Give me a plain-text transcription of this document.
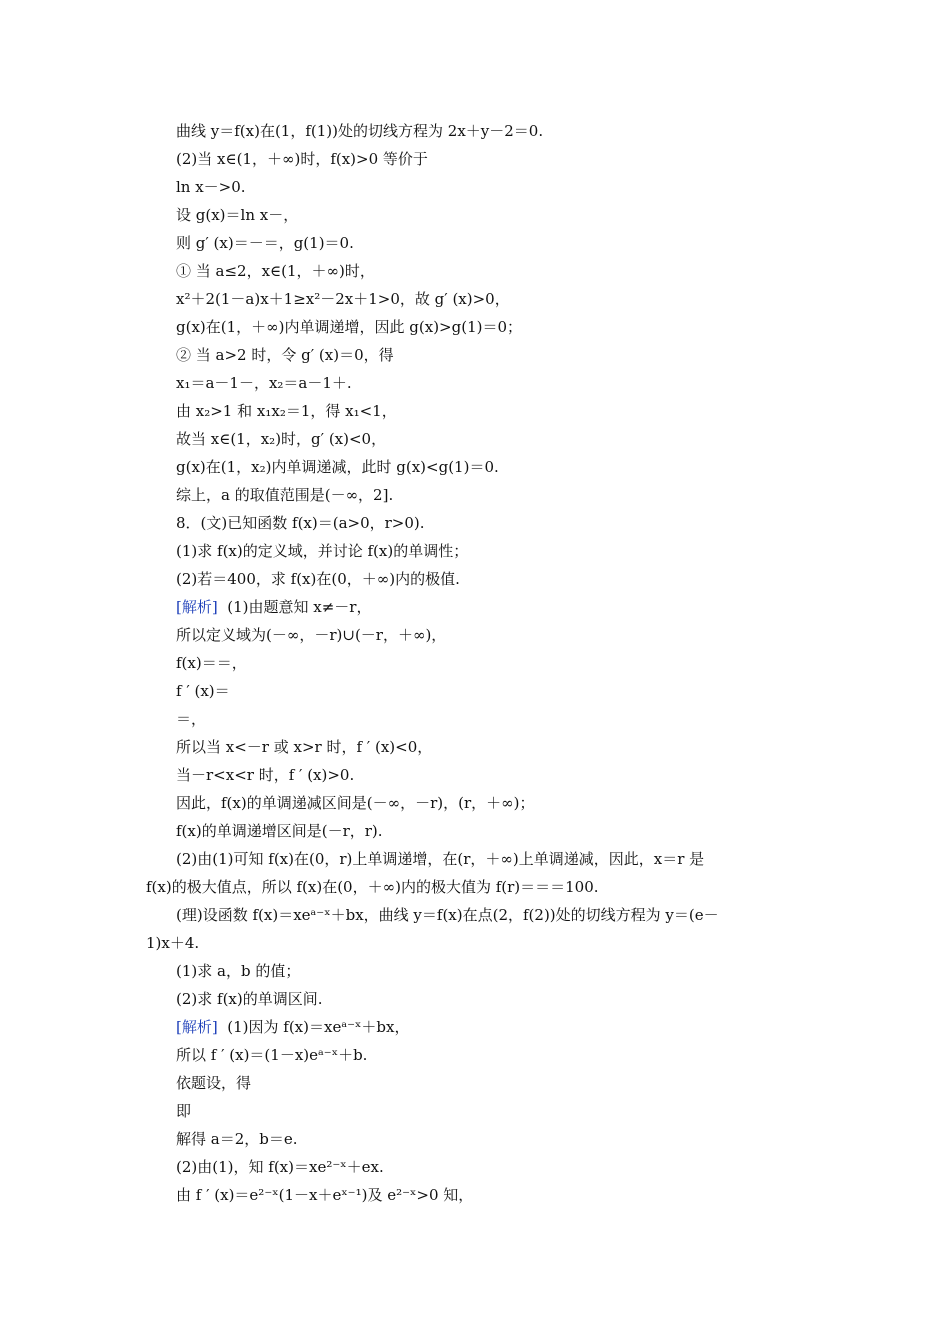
曲线 y＝f(x)在(1，f(1))处的切线方程为 2x＋y－2＝0.
(2)当 x∈(1，＋∞)时，f(x)>0 等价于
ln x－>0.
设 g(x)＝ln x－，
则 g′ (x)＝－＝，g(1)＝0.
① 当 a≤2，x∈(1，＋∞)时，
x²＋2(1－a)x＋1≥x²－2x＋1>0，故 g′ (x)>0，
g(x)在(1，＋∞)内单调递增，因此 g(x)>g(1)＝0；
② 当 a>2 时，令 g′ (x)＝0，得
x₁＝a－1－，x₂＝a－1＋.
由 x₂>1 和 x₁x₂＝1，得 x₁<1，
故当 x∈(1，x₂)时，g′ (x)<0，
g(x)在(1，x₂)内单调递减，此时 g(x)<g(1)＝0.
综上，a 的取值范围是(－∞，2].
8．(文)已知函数 f(x)＝(a>0，r>0).
(1)求 f(x)的定义域，并讨论 f(x)的单调性；
(2)若＝400，求 f(x)在(0，＋∞)内的极值.
[解析] (1)由题意知 x≠－r，
所以定义域为(－∞，－r)∪(－r，＋∞)，
f(x)＝＝，
f ′ (x)＝
＝，
所以当 x<－r 或 x>r 时，f ′ (x)<0，
当－r<x<r 时，f ′ (x)>0.
因此，f(x)的单调递减区间是(－∞，－r)，(r，＋∞)；
f(x)的单调递增区间是(－r，r).
(2)由(1)可知 f(x)在(0，r)上单调递增，在(r，＋∞)上单调递减，因此，x＝r 是
f(x)的极大值点，所以 f(x)在(0，＋∞)内的极大值为 f(r)＝＝＝100.
(理)设函数 f(x)＝xeᵃ⁻ˣ＋bx，曲线 y＝f(x)在点(2，f(2))处的切线方程为 y＝(e－
1)x＋4.
(1)求 a，b 的值；
(2)求 f(x)的单调区间.
[解析] (1)因为 f(x)＝xeᵃ⁻ˣ＋bx，
所以 f ′ (x)＝(1－x)eᵃ⁻ˣ＋b.
依题设，得
即
解得 a＝2，b＝e.
(2)由(1)，知 f(x)＝xe²⁻ˣ＋ex.
由 f ′ (x)＝e²⁻ˣ(1－x＋eˣ⁻¹)及 e²⁻ˣ>0 知，
